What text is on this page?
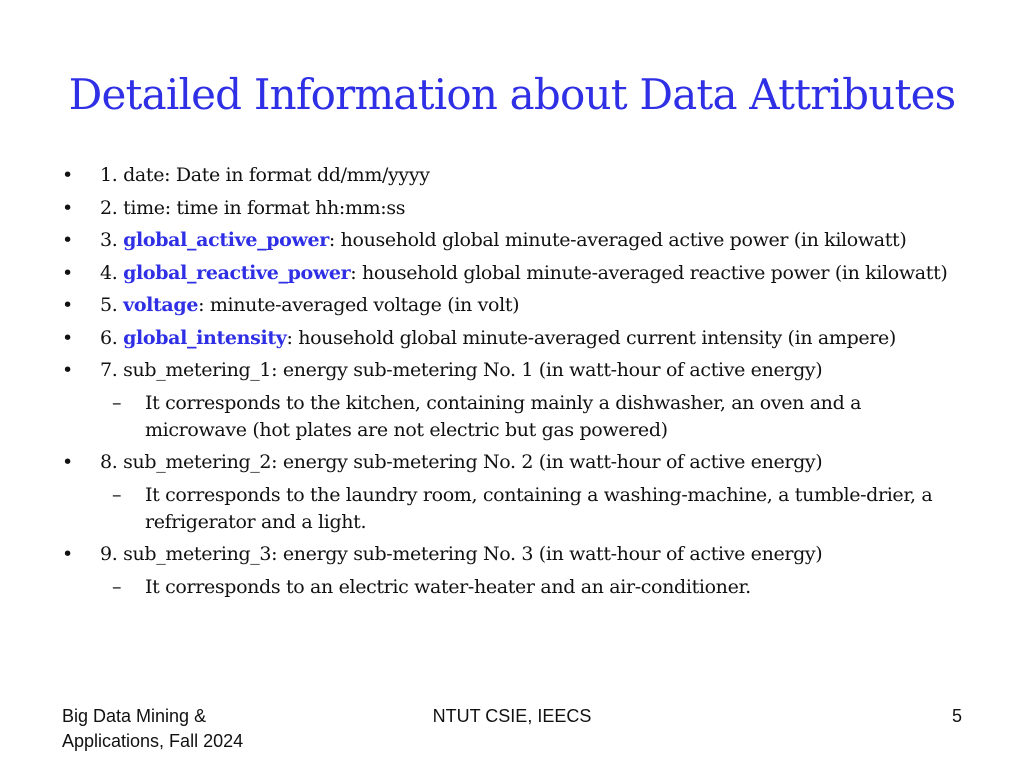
Detailed Information about Data Attributes
• 1. date: Date in format dd/mm/yyyy
• 2. time: time in format hh:mm:ss
• 3. global_active_power: household global minute-averaged active power (in kilowatt)
• 4. global_reactive_power: household global minute-averaged reactive power (in kilowatt)
• 5. voltage: minute-averaged voltage (in volt)
• 6. global_intensity: household global minute-averaged current intensity (in ampere)
• 7. sub_metering_1: energy sub-metering No. 1 (in watt-hour of active energy)
– It corresponds to the kitchen, containing mainly a dishwasher, an oven and a microwave (hot plates are not electric but gas powered)
• 8. sub_metering_2: energy sub-metering No. 2 (in watt-hour of active energy)
– It corresponds to the laundry room, containing a washing-machine, a tumble-drier, a refrigerator and a light.
• 9. sub_metering_3: energy sub-metering No. 3 (in watt-hour of active energy)
– It corresponds to an electric water-heater and an air-conditioner.
Big Data Mining & Applications, Fall 2024
NTUT CSIE, IEECS	5
